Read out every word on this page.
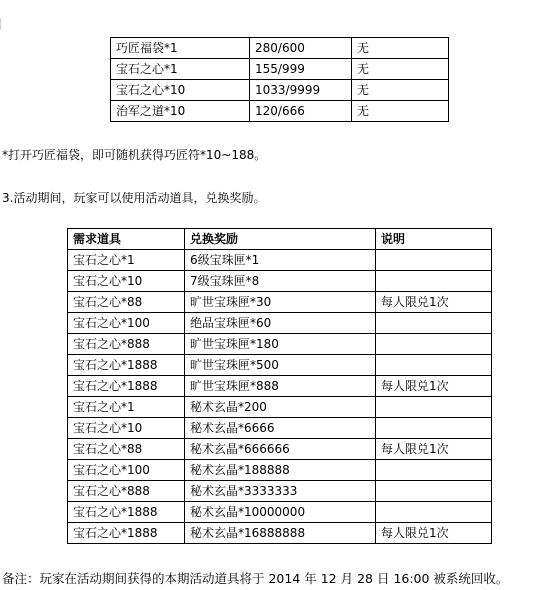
巧匠福袋*1	280/600	无
宝石之心*1	155/999	无
宝石之心*10	1033/9999	无
治军之道*10	120/666	无
*打开巧匠福袋，即可随机获得巧匠符*10~188。
3.活动期间，玩家可以使用活动道具，兑换奖励。
需求道具	兑换奖励	说明
宝石之心*1	6级宝珠匣*1	
宝石之心*10	7级宝珠匣*8	
宝石之心*88	旷世宝珠匣*30	每人限兑1次
宝石之心*100	绝品宝珠匣*60	
宝石之心*888	旷世宝珠匣*180	
宝石之心*1888	旷世宝珠匣*500	
宝石之心*1888	旷世宝珠匣*888	每人限兑1次
宝石之心*1	秘术玄晶*200	
宝石之心*10	秘术玄晶*6666	
宝石之心*88	秘术玄晶*666666	每人限兑1次
宝石之心*100	秘术玄晶*188888	
宝石之心*888	秘术玄晶*3333333	
宝石之心*1888	秘术玄晶*10000000	
宝石之心*1888	秘术玄晶*16888888	每人限兑1次
备注：玩家在活动期间获得的本期活动道具将于 2014 年 12 月 28 日 16:00 被系统回收。
